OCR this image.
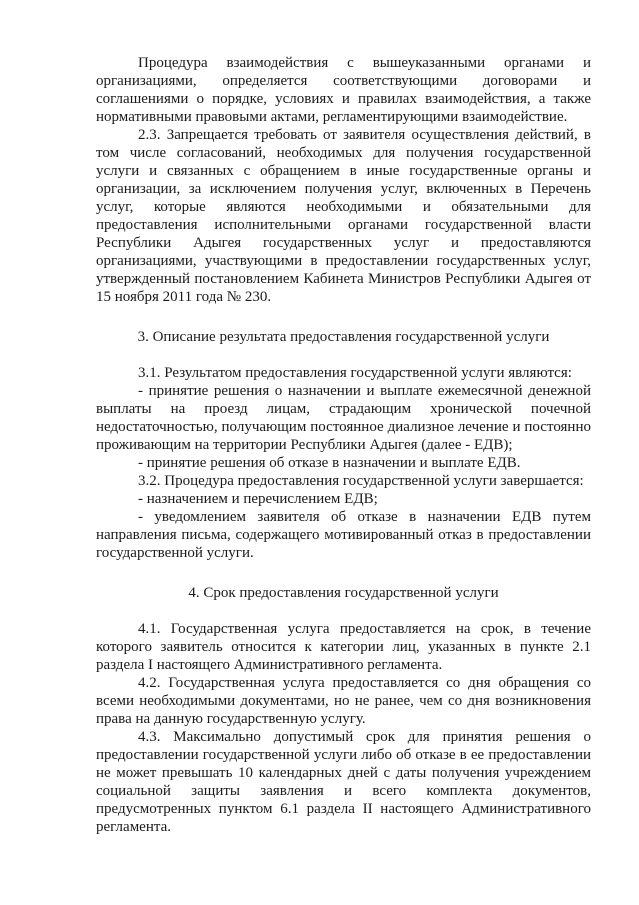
Процедура взаимодействия с вышеуказанными органами и организациями, определяется соответствующими договорами и соглашениями о порядке, условиях и правилах взаимодействия, а также нормативными правовыми актами, регламентирующими взаимодействие.

2.3. Запрещается требовать от заявителя осуществления действий, в том числе согласований, необходимых для получения государственной услуги и связанных с обращением в иные государственные органы и организации, за исключением получения услуг, включенных в Перечень услуг, которые являются необходимыми и обязательными для предоставления исполнительными органами государственной власти Республики Адыгея государственных услуг и предоставляются организациями, участвующими в предоставлении государственных услуг, утвержденный постановлением Кабинета Министров Республики Адыгея от 15 ноября 2011 года № 230.

3. Описание результата предоставления государственной услуги

3.1. Результатом предоставления государственной услуги являются:

- принятие решения о назначении и выплате ежемесячной денежной выплаты на проезд лицам, страдающим хронической почечной недостаточностью, получающим постоянное диализное лечение и постоянно проживающим на территории Республики Адыгея (далее - ЕДВ);

- принятие решения об отказе в назначении и выплате ЕДВ.

3.2. Процедура предоставления государственной услуги завершается:

- назначением и перечислением ЕДВ;

- уведомлением заявителя об отказе в назначении ЕДВ путем направления письма, содержащего мотивированный отказ в предоставлении государственной услуги.

4. Срок предоставления государственной услуги

4.1. Государственная услуга предоставляется на срок, в течение которого заявитель относится к категории лиц, указанных в пункте 2.1 раздела I настоящего Административного регламента.

4.2. Государственная услуга предоставляется со дня обращения со всеми необходимыми документами, но не ранее, чем со дня возникновения права на данную государственную услугу.

4.3. Максимально допустимый срок для принятия решения о предоставлении государственной услуги либо об отказе в ее предоставлении не может превышать 10 календарных дней с даты получения учреждением социальной защиты заявления и всего комплекта документов, предусмотренных пунктом 6.1 раздела II настоящего Административного регламента.
